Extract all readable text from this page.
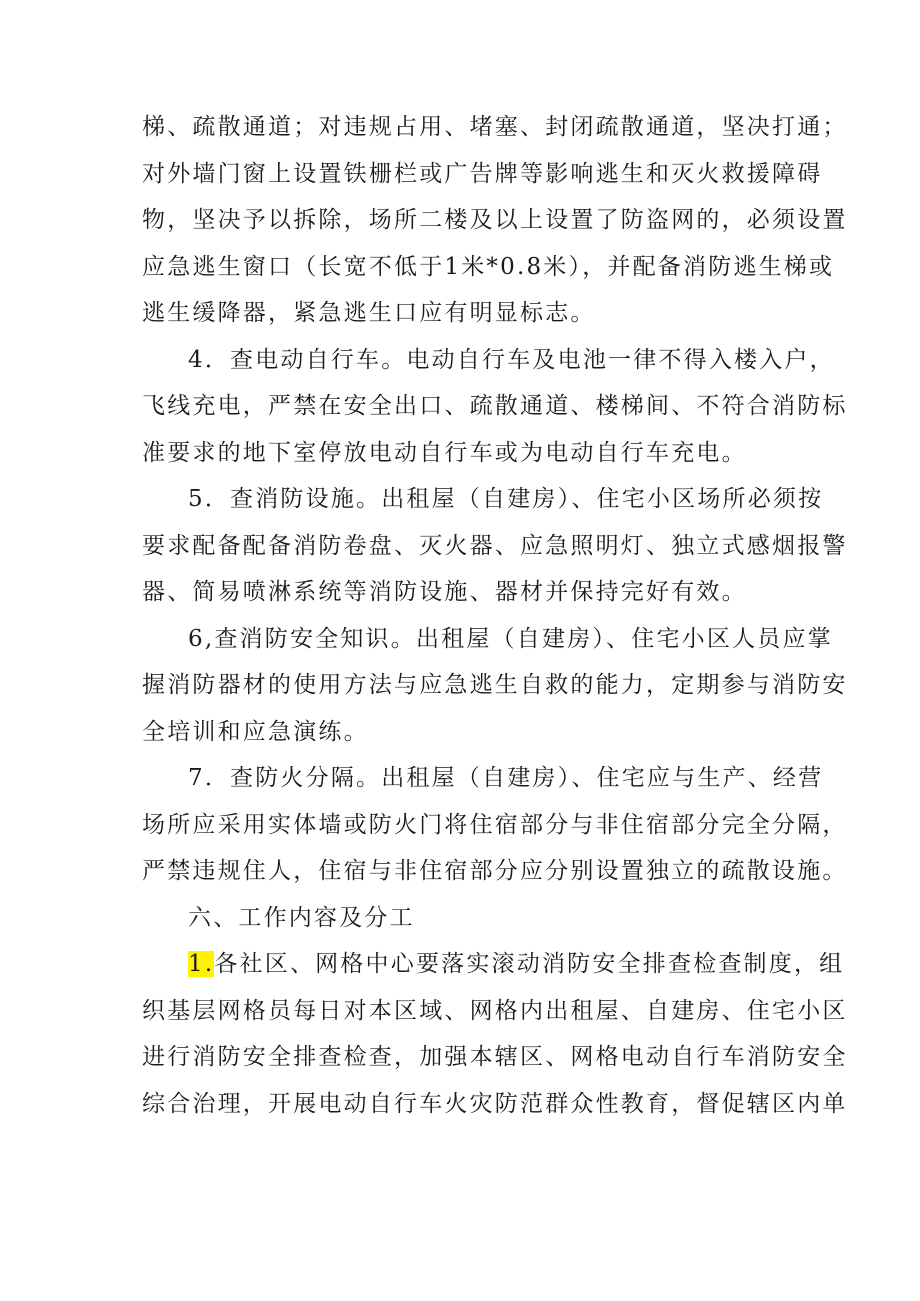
梯、疏散通道；对违规占用、堵塞、封闭疏散通道，坚决打通；
对外墙门窗上设置铁栅栏或广告牌等影响逃生和灭火救援障碍
物，坚决予以拆除，场所二楼及以上设置了防盗网的，必须设置
应急逃生窗口（长宽不低于1米*0.8米），并配备消防逃生梯或
逃生缓降器，紧急逃生口应有明显标志。
4．查电动自行车。电动自行车及电池一律不得入楼入户，
飞线充电，严禁在安全出口、疏散通道、楼梯间、不符合消防标
准要求的地下室停放电动自行车或为电动自行车充电。
5．查消防设施。出租屋（自建房）、住宅小区场所必须按
要求配备配备消防卷盘、灭火器、应急照明灯、独立式感烟报警
器、简易喷淋系统等消防设施、器材并保持完好有效。
6,查消防安全知识。出租屋（自建房）、住宅小区人员应掌
握消防器材的使用方法与应急逃生自救的能力，定期参与消防安
全培训和应急演练。
7．查防火分隔。出租屋（自建房）、住宅应与生产、经营
场所应采用实体墙或防火门将住宿部分与非住宿部分完全分隔，
严禁违规住人，住宿与非住宿部分应分别设置独立的疏散设施。
六、工作内容及分工
1.各社区、网格中心要落实滚动消防安全排查检查制度，组
织基层网格员每日对本区域、网格内出租屋、自建房、住宅小区
进行消防安全排查检查，加强本辖区、网格电动自行车消防安全
综合治理，开展电动自行车火灾防范群众性教育，督促辖区内单
